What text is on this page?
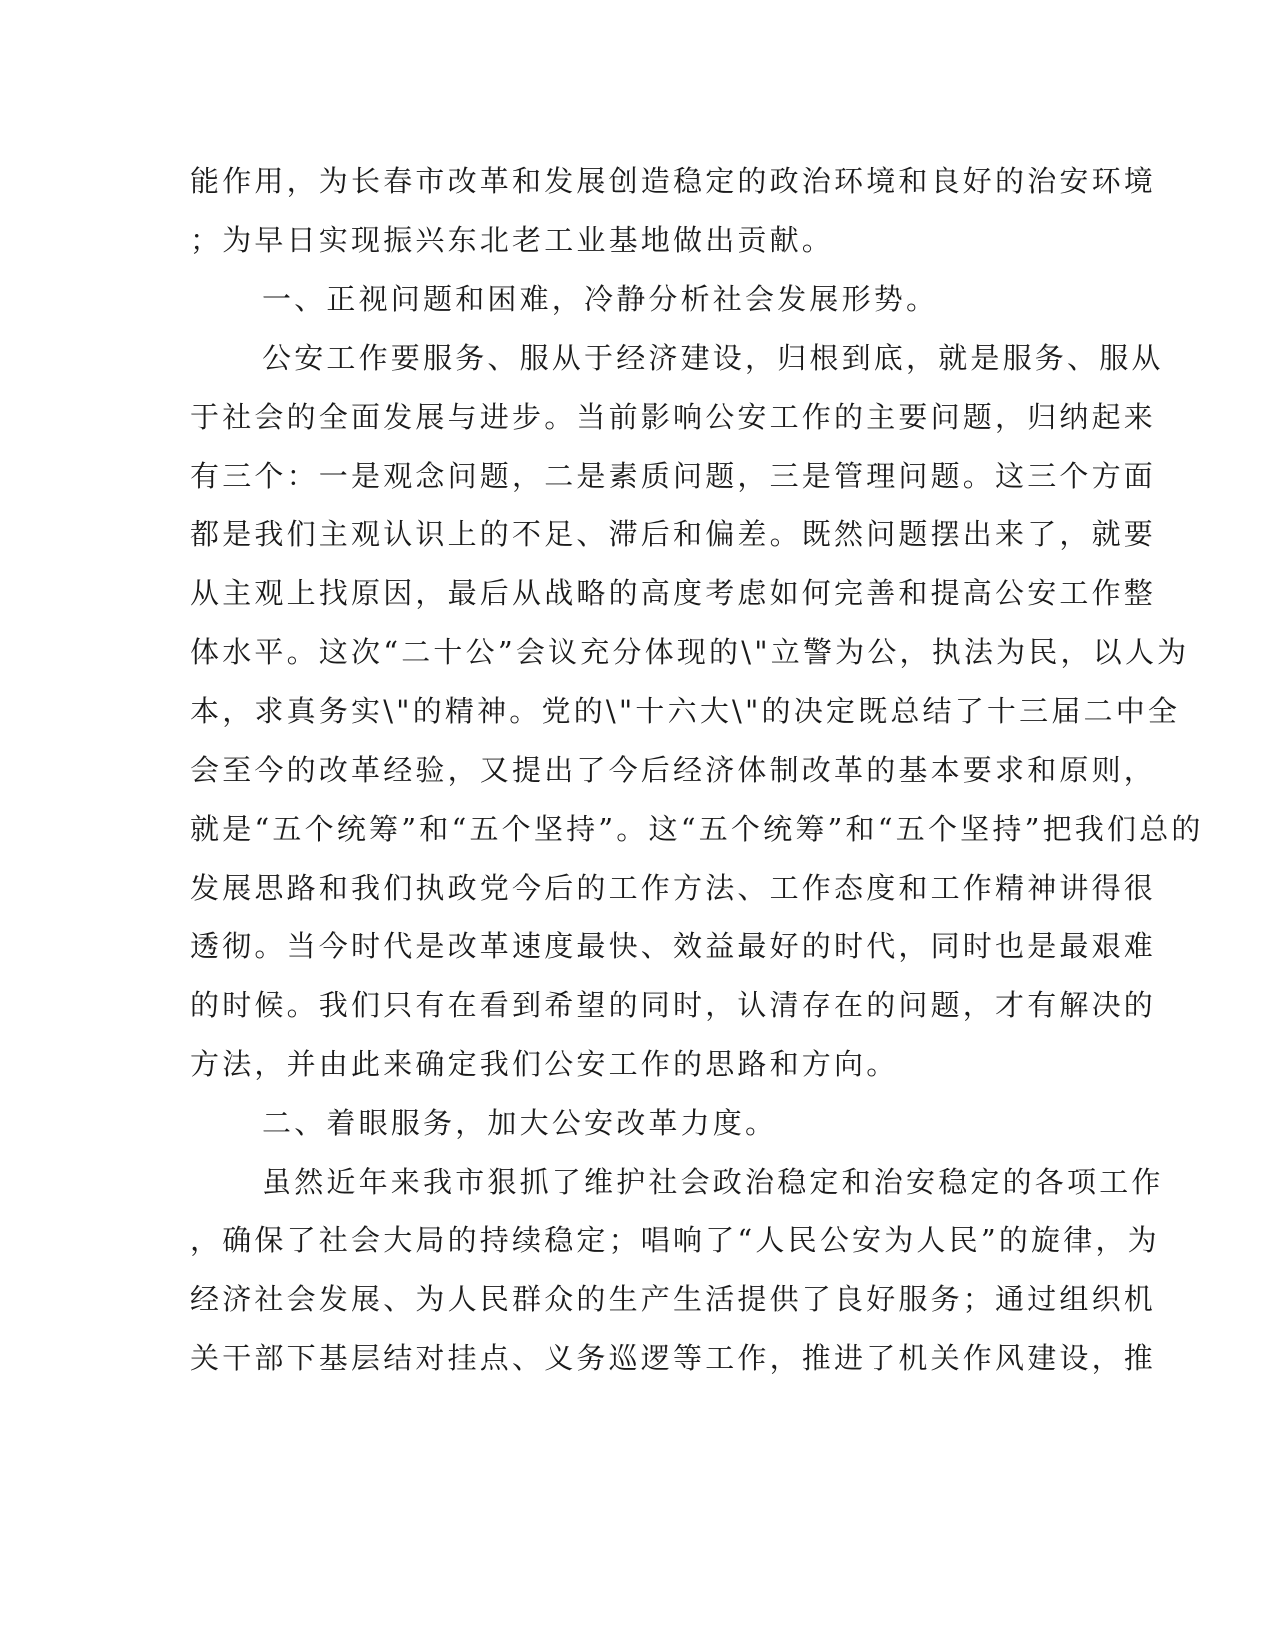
能作用，为长春市改革和发展创造稳定的政治环境和良好的治安环境

；为早日实现振兴东北老工业基地做出贡献。

一、正视问题和困难，冷静分析社会发展形势。

公安工作要服务、服从于经济建设，归根到底，就是服务、服从

于社会的全面发展与进步。当前影响公安工作的主要问题，归纳起来

有三个：一是观念问题，二是素质问题，三是管理问题。这三个方面

都是我们主观认识上的不足、滞后和偏差。既然问题摆出来了，就要

从主观上找原因，最后从战略的高度考虑如何完善和提高公安工作整

体水平。这次“二十公”会议充分体现的\"立警为公，执法为民，以人为

本，求真务实\"的精神。党的\"十六大\"的决定既总结了十三届二中全

会至今的改革经验，又提出了今后经济体制改革的基本要求和原则，

就是“五个统筹”和“五个坚持”。这“五个统筹”和“五个坚持”把我们总的

发展思路和我们执政党今后的工作方法、工作态度和工作精神讲得很

透彻。当今时代是改革速度最快、效益最好的时代，同时也是最艰难

的时候。我们只有在看到希望的同时，认清存在的问题，才有解决的

方法，并由此来确定我们公安工作的思路和方向。

二、着眼服务，加大公安改革力度。

虽然近年来我市狠抓了维护社会政治稳定和治安稳定的各项工作

，确保了社会大局的持续稳定；唱响了“人民公安为人民”的旋律，为

经济社会发展、为人民群众的生产生活提供了良好服务；通过组织机

关干部下基层结对挂点、义务巡逻等工作，推进了机关作风建设，推
